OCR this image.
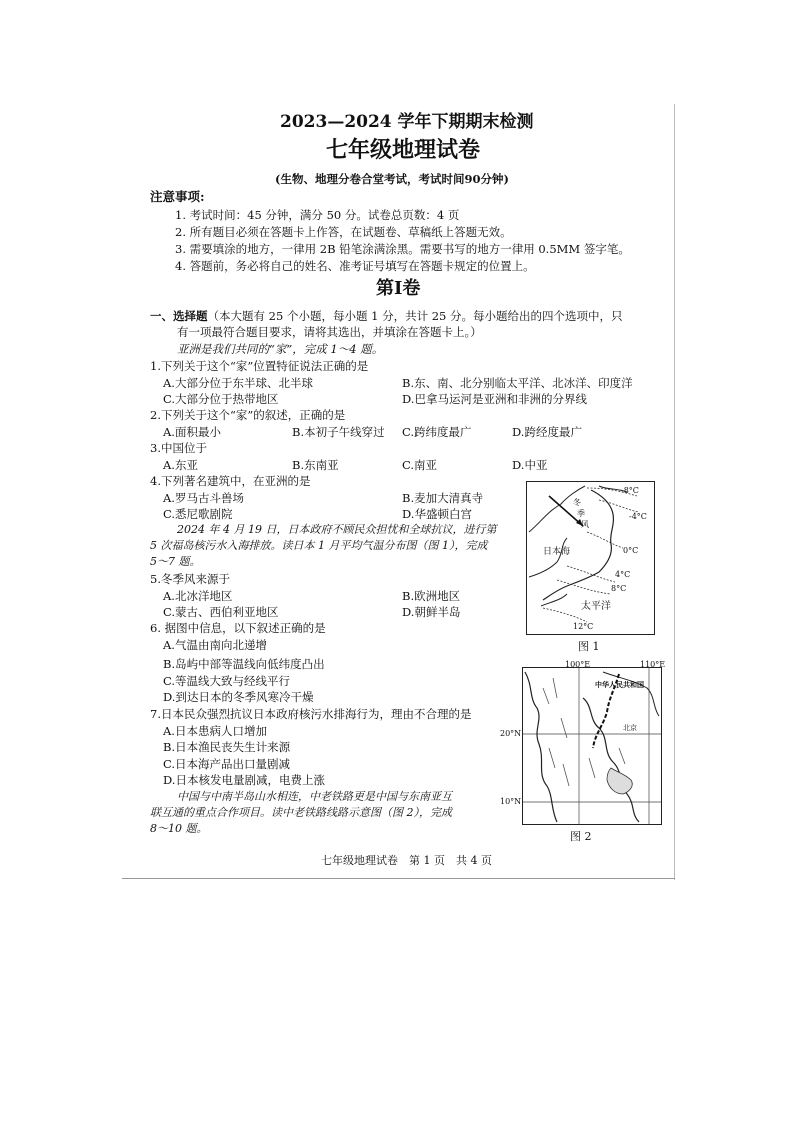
2023—2024 学年下期期末检测
七年级地理试卷
(生物、地理分卷合堂考试，考试时间90分钟)
注意事项:
1. 考试时间：45 分钟，满分 50 分。试卷总页数：4 页
2. 所有题目必须在答题卡上作答，在试题卷、草稿纸上答题无效。
3. 需要填涂的地方，一律用 2B 铅笔涂满涂黑。需要书写的地方一律用 0.5MM 签字笔。
4. 答题前，务必将自己的姓名、准考证号填写在答题卡规定的位置上。
第I卷
一、选择题（本大题有 25 个小题，每小题 1 分，共计 25 分。每小题给出的四个选项中，只
有一项最符合题目要求，请将其选出，并填涂在答题卡上。）
亚洲是我们共同的“家”，完成 1～4 题。
1.下列关于这个“家”位置特征说法正确的是
A.大部分位于东半球、北半球	B.东、南、北分别临太平洋、北冰洋、印度洋
C.大部分位于热带地区	D.巴拿马运河是亚洲和非洲的分界线
2.下列关于这个“家”的叙述，正确的是
A.面积最小	B.本初子午线穿过 C.跨纬度最广	D.跨经度最广
3.中国位于
A.东亚	B.东南亚	C.南亚	D.中亚
4.下列著名建筑中，在亚洲的是
A.罗马古斗兽场	B.麦加大清真寺
C.悉尼歌剧院	D.华盛顿白宫
2024 年 4 月 19 日，日本政府不顾民众担忧和全球抗议，进行第
5 次福岛核污水入海排放。读日本 1 月平均气温分布图（图 1），完成
5～7 题。
5.冬季风来源于
A.北冰洋地区	B.欧洲地区
C.蒙古、西伯利亚地区	D.朝鲜半岛
6. 据图中信息，以下叙述正确的是
A.气温由南向北递增
B.岛屿中部等温线向低纬度凸出
C.等温线大致与经线平行
D.到达日本的冬季风寒冷干燥
7.日本民众强烈抗议日本政府核污水排海行为，理由不合理的是
A.日本患病人口增加
B.日本渔民丧失生计来源
C.日本海产品出口量剧减
D.日本核发电量剧减，电费上涨
中国与中南半岛山水相连，中老铁路更是中国与东南亚互
联互通的重点合作项目。读中老铁路线路示意图（图 2），完成
8～10 题。
-8°C
-4°C
0°C
4°C
8°C
12°C
日本海
太平洋
冬
季
风
图 1
中华人民共和国
北京
100°E	110°E
20°N
10°N
图 2
七年级地理试卷　第 1 页　共 4 页
